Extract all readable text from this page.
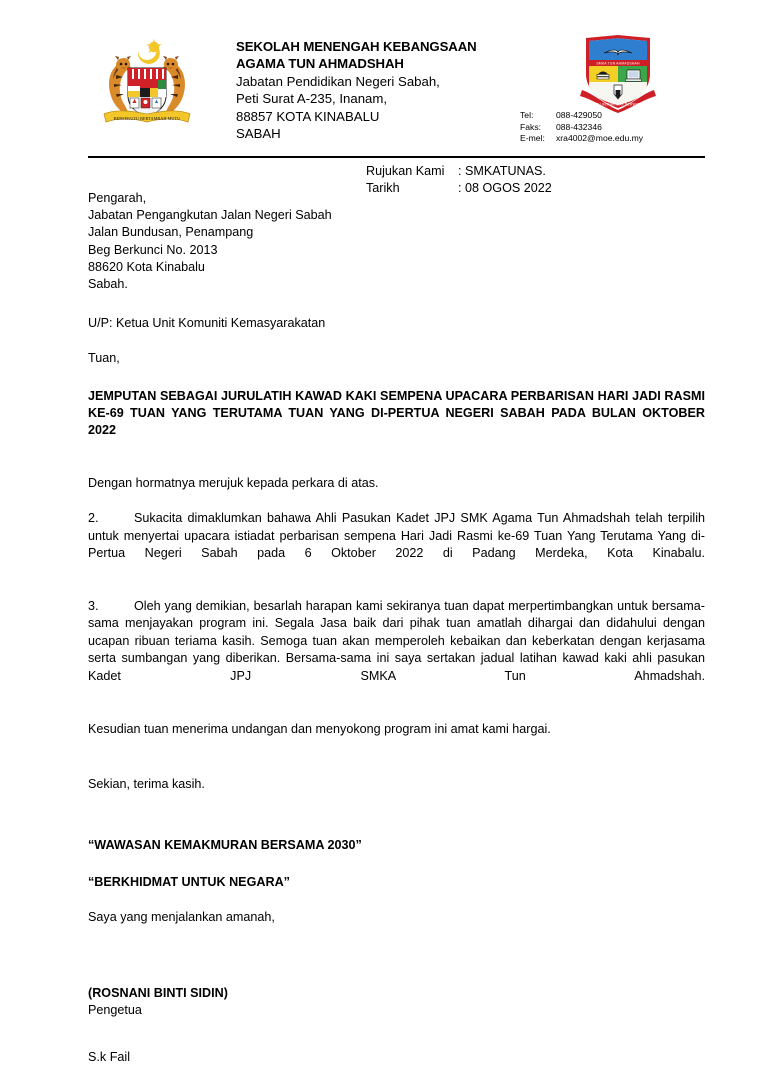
BERSEKUTU BERTAMBAH MUTU
SEKOLAH MENENGAH KEBANGSAAN
AGAMA TUN AHMADSHAH
Jabatan Pendidikan Negeri Sabah,
Peti Surat A-235, Inanam,
88857 KOTA KINABALU
SABAH
SMKA TUN AHMADSHAH
BERILMU BERAKHLAK BERWAWASAN
Tel:	088-429050
Faks:	088-432346
E-mel:	xra4002@moe.edu.my
Rujukan Kami	: SMKATUNAS.
Tarikh	: 08 OGOS 2022
Pengarah,
Jabatan Pengangkutan Jalan Negeri Sabah
Jalan Bundusan, Penampang
Beg Berkunci No. 2013
88620 Kota Kinabalu
Sabah.
U/P: Ketua Unit Komuniti Kemasyarakatan
Tuan,
JEMPUTAN SEBAGAI JURULATIH KAWAD KAKI SEMPENA UPACARA PERBARISAN HARI JADI RASMI KE-69 TUAN YANG TERUTAMA TUAN YANG DI-PERTUA NEGERI SABAH PADA BULAN OKTOBER 2022

Dengan hormatnya merujuk kepada perkara di atas.

2.	Sukacita dimaklumkan bahawa Ahli Pasukan Kadet JPJ SMK Agama Tun Ahmadshah telah terpilih untuk menyertai upacara istiadat perbarisan sempena Hari Jadi Rasmi ke-69 Tuan Yang Terutama Yang di-Pertua Negeri Sabah pada 6 Oktober 2022 di Padang Merdeka, Kota Kinabalu.

3.	Oleh yang demikian, besarlah harapan kami sekiranya tuan dapat merpertimbangkan untuk bersama-sama menjayakan program ini. Segala Jasa baik dari pihak tuan amatlah dihargai dan didahului dengan ucapan ribuan teriama kasih. Semoga tuan akan memperoleh kebaikan dan keberkatan dengan kerjasama serta sumbangan yang diberikan. Bersama-sama ini saya sertakan jadual latihan kawad kaki ahli pasukan Kadet JPJ SMKA Tun Ahmadshah.

Kesudian tuan menerima undangan dan menyokong program ini amat kami hargai.

Sekian, terima kasih.

“WAWASAN KEMAKMURAN BERSAMA 2030”
“BERKHIDMAT UNTUK NEGARA”

Saya yang menjalankan amanah,

(ROSNANI BINTI SIDIN)
Pengetua
S.k Fail
